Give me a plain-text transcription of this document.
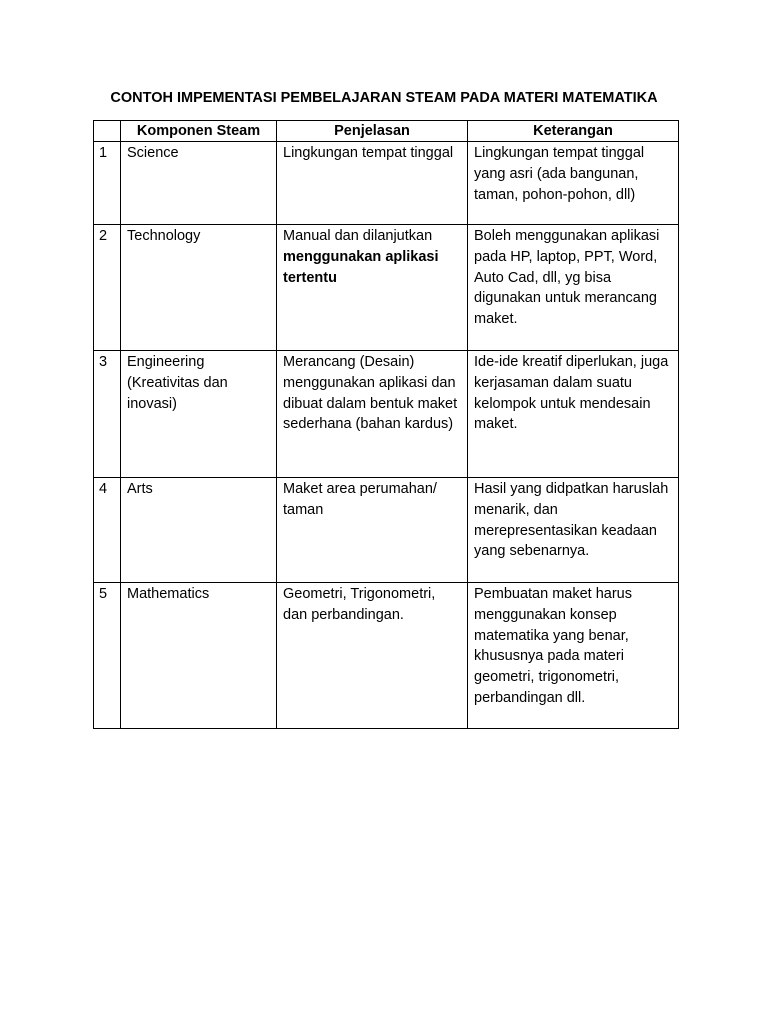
CONTOH IMPEMENTASI PEMBELAJARAN STEAM PADA MATERI MATEMATIKA
	Komponen Steam	Penjelasan	Keterangan
1	Science	Lingkungan tempat tinggal	Lingkungan tempat tinggal yang asri (ada bangunan, taman, pohon-pohon, dll)
2	Technology	Manual dan dilanjutkan menggunakan aplikasi tertentu	Boleh menggunakan aplikasi pada HP, laptop, PPT, Word, Auto Cad, dll, yg bisa digunakan untuk merancang maket.
3	Engineering (Kreativitas dan inovasi)	Merancang (Desain) menggunakan aplikasi dan dibuat dalam bentuk maket sederhana (bahan kardus)	Ide-ide kreatif diperlukan, juga kerjasaman dalam suatu kelompok untuk mendesain maket.
4	Arts	Maket area perumahan/ taman	Hasil yang didpatkan haruslah menarik, dan merepresentasikan keadaan yang sebenarnya.
5	Mathematics	Geometri, Trigonometri, dan perbandingan.	Pembuatan maket harus menggunakan konsep matematika yang benar, khususnya pada materi geometri, trigonometri, perbandingan dll.
